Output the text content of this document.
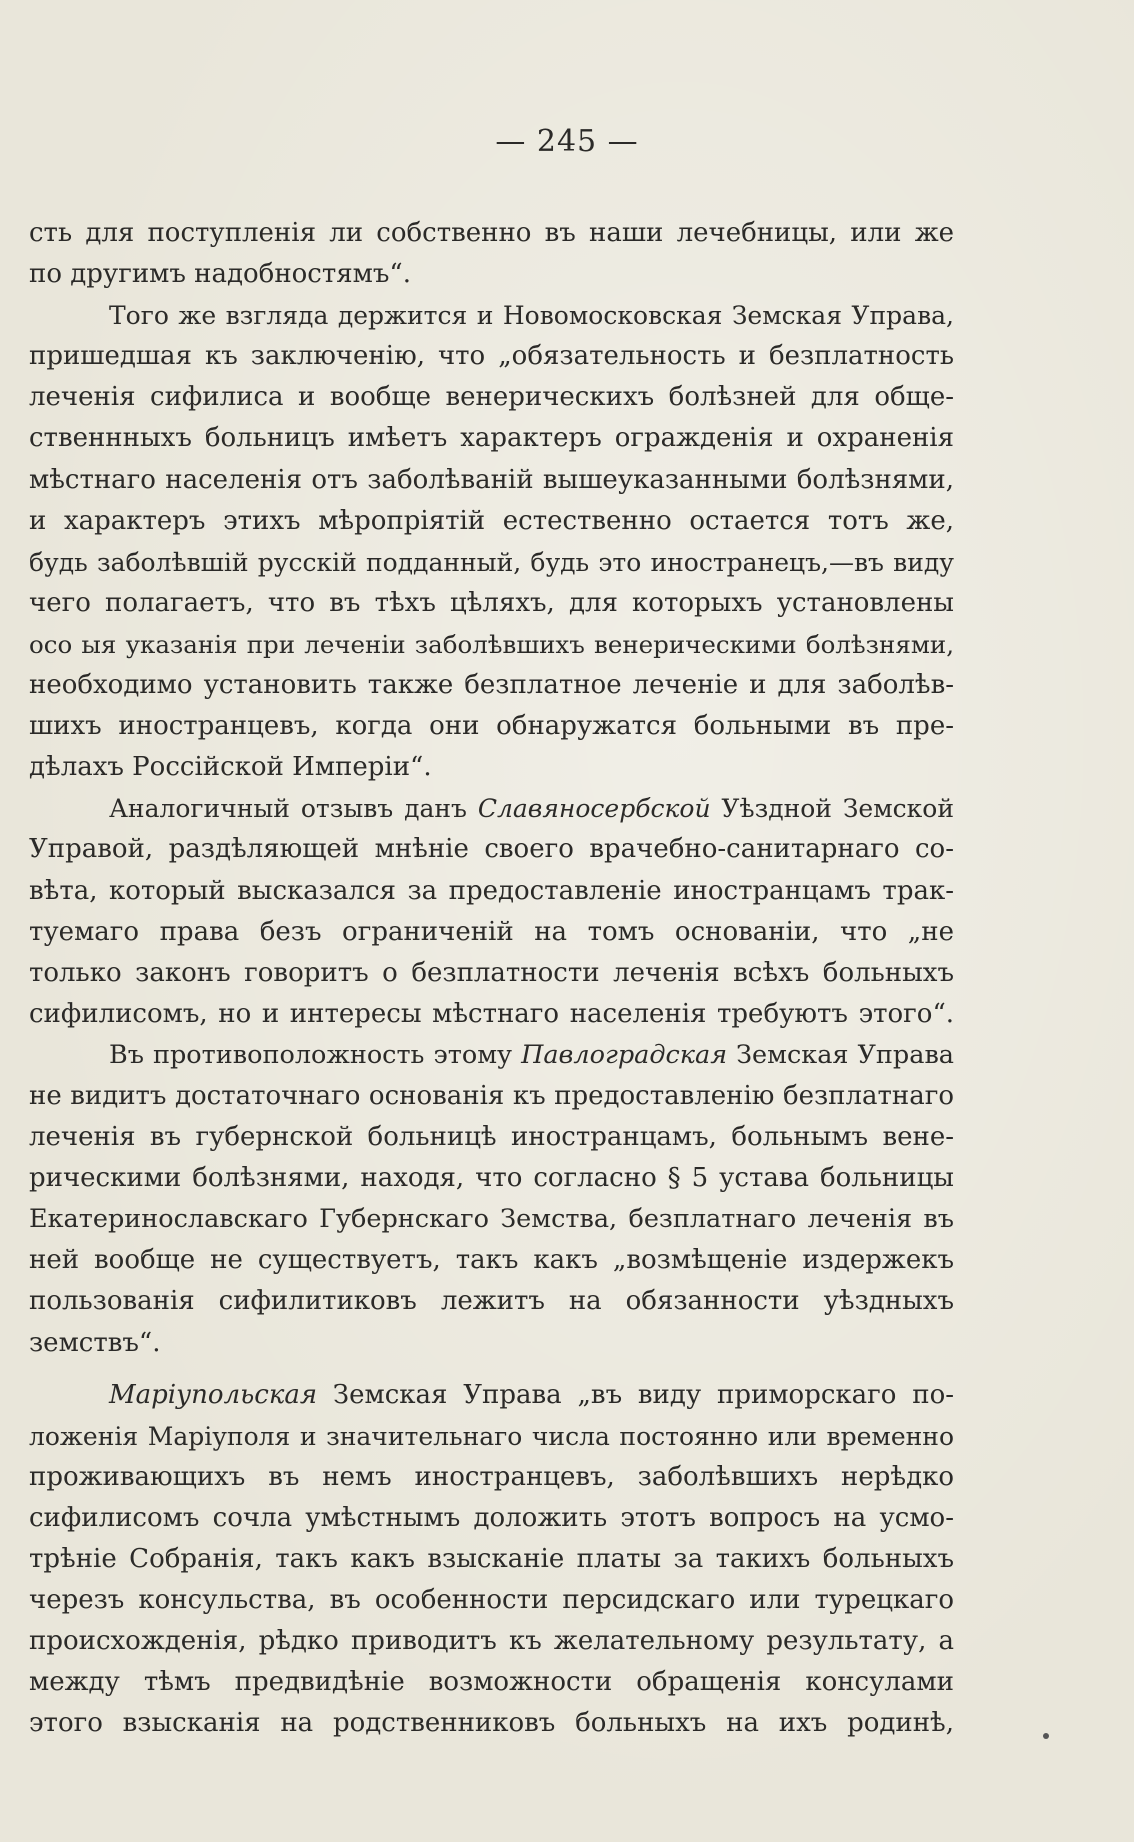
— 245 —
сть для поступленія ли собственно въ наши лечебницы, или же
по другимъ надобностямъ“.
Того же взгляда держится и Новомосковская Земская Управа,
пришедшая къ заключенію, что „обязательность и безплатность
леченія сифилиса и вообще венерическихъ болѣзней для обще-
ственнныхъ больницъ имѣетъ характеръ огражденія и охраненія
мѣстнаго населенія отъ заболѣваній вышеуказанными болѣзнями,
и характеръ этихъ мѣропріятій естественно остается тотъ же,
будь заболѣвшій русскій подданный, будь это иностранецъ,—въ виду
чего полагаетъ, что въ тѣхъ цѣляхъ, для которыхъ установлены
осо ыя указанія при леченіи заболѣвшихъ венерическими болѣзнями,
необходимо установить также безплатное леченіе и для заболѣв-
шихъ иностранцевъ, когда они обнаружатся больными въ пре-
дѣлахъ Россійской Имперіи“.
Аналогичный отзывъ данъ Славяносербской Уѣздной Земской
Управой, раздѣляющей мнѣніе своего врачебно-санитарнаго со-
вѣта, который высказался за предоставленіе иностранцамъ трак-
туемаго права безъ ограниченій на томъ основаніи, что „не
только законъ говоритъ о безплатности леченія всѣхъ больныхъ
сифилисомъ, но и интересы мѣстнаго населенія требуютъ этого“.
Въ противоположность этому Павлоградская Земская Управа
не видитъ достаточнаго основанія къ предоставленію безплатнаго
леченія въ губернской больницѣ иностранцамъ, больнымъ вене-
рическими болѣзнями, находя, что согласно § 5 устава больницы
Екатеринославскаго Губернскаго Земства, безплатнаго леченія въ
ней вообще не существуетъ, такъ какъ „возмѣщеніе издержекъ
пользованія сифилитиковъ лежитъ на обязанности уѣздныхъ
земствъ“.
Маріупольская Земская Управа „въ виду приморскаго по-
ложенія Маріуполя и значительнаго числа постоянно или временно
проживающихъ въ немъ иностранцевъ, заболѣвшихъ нерѣдко
сифилисомъ сочла умѣстнымъ доложить этотъ вопросъ на усмо-
трѣніе Собранія, такъ какъ взысканіе платы за такихъ больныхъ
черезъ консульства, въ особенности персидскаго или турецкаго
происхожденія, рѣдко приводитъ къ желательному результату, а
между тѣмъ предвидѣніе возможности обращенія консулами
этого взысканія на родственниковъ больныхъ на ихъ родинѣ,
